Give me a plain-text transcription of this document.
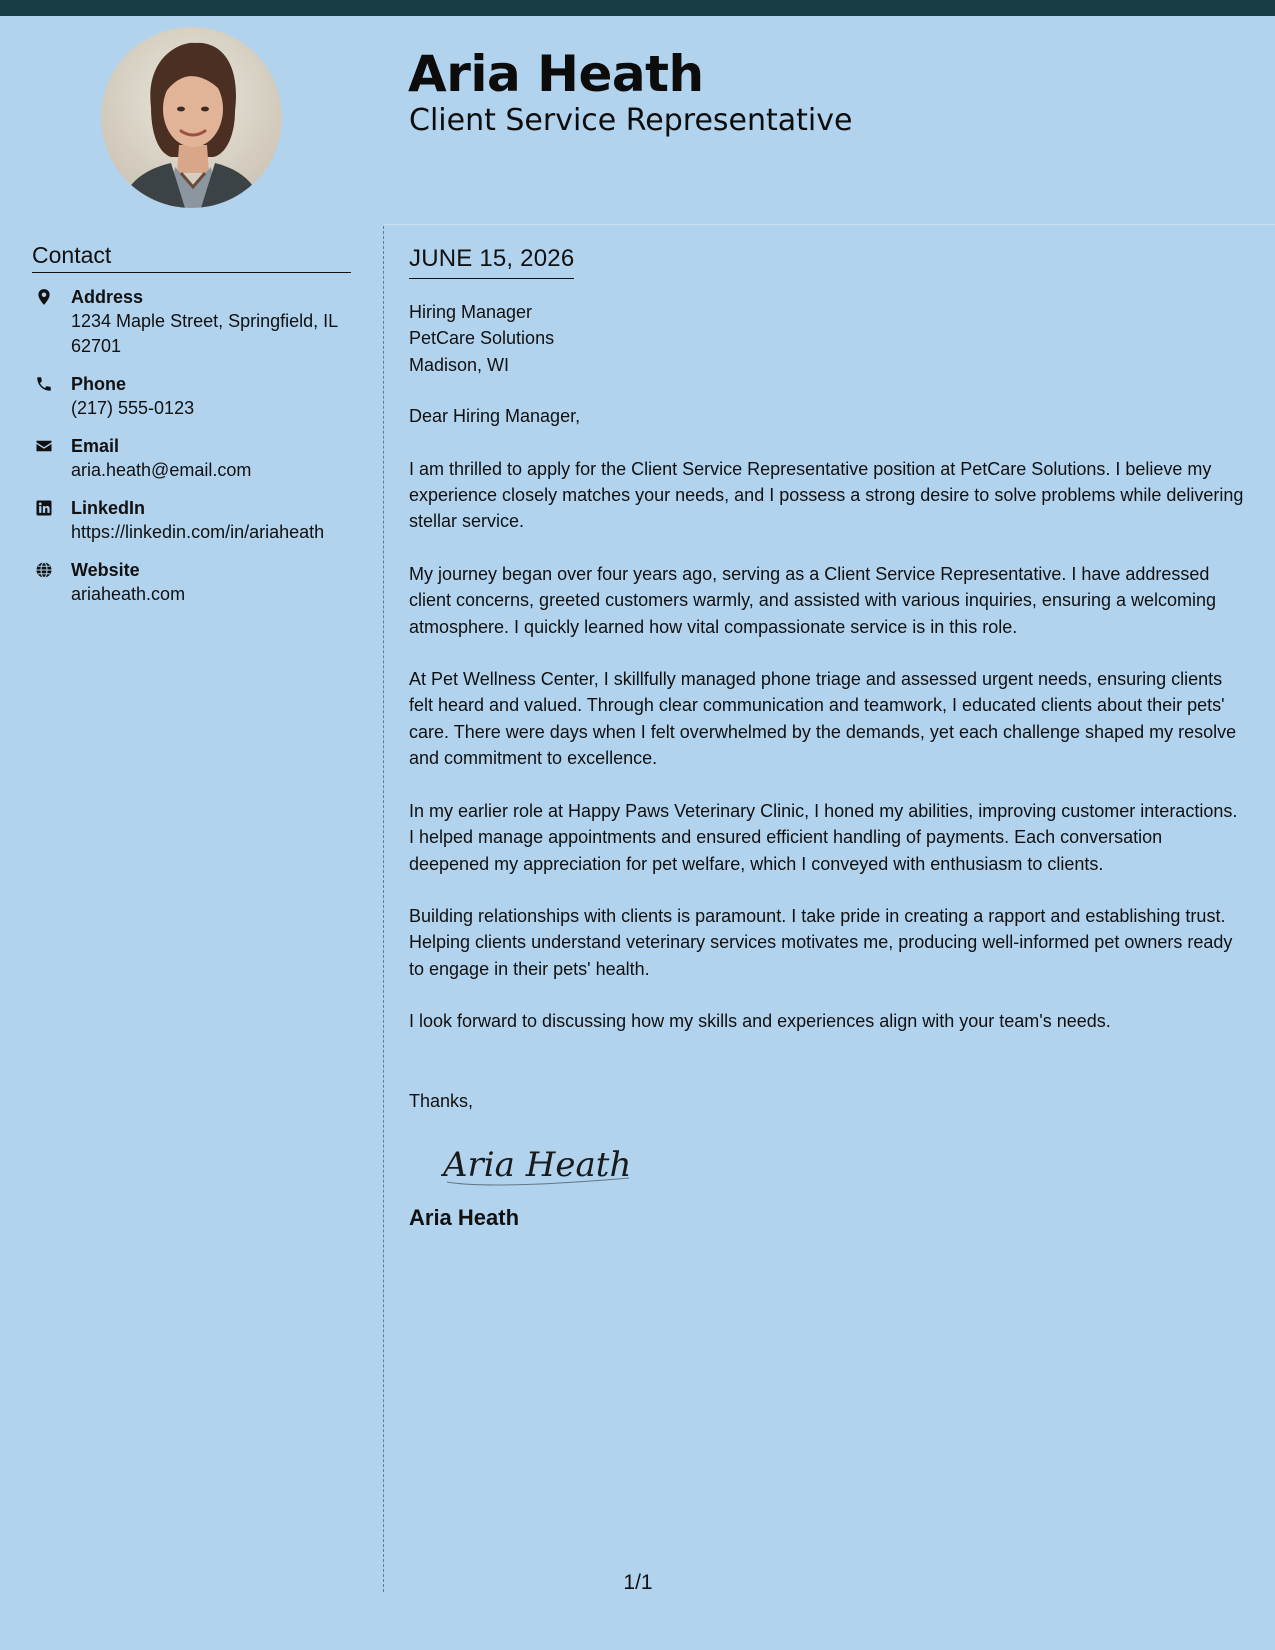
Aria Heath
Client Service Representative
Contact
Address
1234 Maple Street, Springfield, IL 62701
Phone
(217) 555-0123
Email
aria.heath@email.com
LinkedIn
https://linkedin.com/in/ariaheath
Website
ariaheath.com
JUNE 15, 2026
Hiring Manager
PetCare Solutions
Madison, WI
Dear Hiring Manager,

I am thrilled to apply for the Client Service Representative position at PetCare Solutions. I believe my experience closely matches your needs, and I possess a strong desire to solve problems while delivering stellar service.

My journey began over four years ago, serving as a Client Service Representative. I have addressed client concerns, greeted customers warmly, and assisted with various inquiries, ensuring a welcoming atmosphere. I quickly learned how vital compassionate service is in this role.

At Pet Wellness Center, I skillfully managed phone triage and assessed urgent needs, ensuring clients felt heard and valued. Through clear communication and teamwork, I educated clients about their pets' care. There were days when I felt overwhelmed by the demands, yet each challenge shaped my resolve and commitment to excellence.

In my earlier role at Happy Paws Veterinary Clinic, I honed my abilities, improving customer interactions. I helped manage appointments and ensured efficient handling of payments. Each conversation deepened my appreciation for pet welfare, which I conveyed with enthusiasm to clients.

Building relationships with clients is paramount. I take pride in creating a rapport and establishing trust. Helping clients understand veterinary services motivates me, producing well-informed pet owners ready to engage in their pets' health.

I look forward to discussing how my skills and experiences align with your team's needs.

Thanks,
Aria Heath
Aria Heath
1/1
